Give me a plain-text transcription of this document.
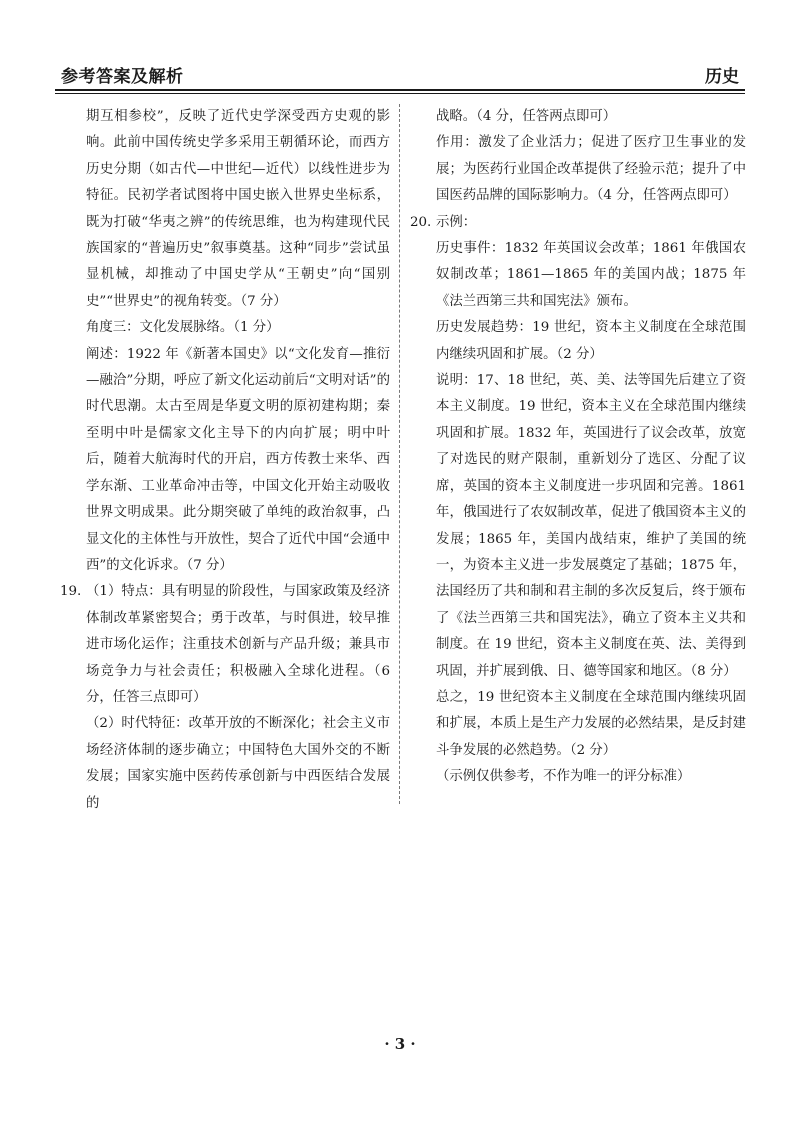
参考答案及解析	历史

期互相参校”，反映了近代史学深受西方史观的影响。此前中国传统史学多采用王朝循环论，而西方历史分期（如古代—中世纪—近代）以线性进步为特征。民初学者试图将中国史嵌入世界史坐标系，既为打破“华夷之辨”的传统思维，也为构建现代民族国家的“普遍历史”叙事奠基。这种“同步”尝试虽显机械，却推动了中国史学从“王朝史”向“国别史”“世界史”的视角转变。（7 分）

角度三：文化发展脉络。（1 分）

阐述：1922 年《新著本国史》以“文化发育—推衍—融洽”分期，呼应了新文化运动前后“文明对话”的时代思潮。太古至周是华夏文明的原初建构期；秦至明中叶是儒家文化主导下的内向扩展；明中叶后，随着大航海时代的开启，西方传教士来华、西学东渐、工业革命冲击等，中国文化开始主动吸收世界文明成果。此分期突破了单纯的政治叙事，凸显文化的主体性与开放性，契合了近代中国“会通中西”的文化诉求。（7 分）

19. （1）特点：具有明显的阶段性，与国家政策及经济体制改革紧密契合；勇于改革，与时俱进，较早推进市场化运作；注重技术创新与产品升级；兼具市场竞争力与社会责任；积极融入全球化进程。（6 分，任答三点即可）

（2）时代特征：改革开放的不断深化；社会主义市场经济体制的逐步确立；中国特色大国外交的不断发展；国家实施中医药传承创新与中西医结合发展的

战略。（4 分，任答两点即可）

作用：激发了企业活力；促进了医疗卫生事业的发展；为医药行业国企改革提供了经验示范；提升了中国医药品牌的国际影响力。（4 分，任答两点即可）

20. 示例：

历史事件：1832 年英国议会改革；1861 年俄国农奴制改革；1861—1865 年的美国内战；1875 年《法兰西第三共和国宪法》颁布。

历史发展趋势：19 世纪，资本主义制度在全球范围内继续巩固和扩展。（2 分）

说明：17、18 世纪，英、美、法等国先后建立了资本主义制度。19 世纪，资本主义在全球范围内继续巩固和扩展。1832 年，英国进行了议会改革，放宽了对选民的财产限制，重新划分了选区、分配了议席，英国的资本主义制度进一步巩固和完善。1861 年，俄国进行了农奴制改革，促进了俄国资本主义的发展；1865 年，美国内战结束，维护了美国的统一，为资本主义进一步发展奠定了基础；1875 年，法国经历了共和制和君主制的多次反复后，终于颁布了《法兰西第三共和国宪法》，确立了资本主义共和制度。在 19 世纪，资本主义制度在英、法、美得到巩固，并扩展到俄、日、德等国家和地区。（8 分）

总之，19 世纪资本主义制度在全球范围内继续巩固和扩展，本质上是生产力发展的必然结果，是反封建斗争发展的必然趋势。（2 分）

（示例仅供参考，不作为唯一的评分标准）

· 3 ·
